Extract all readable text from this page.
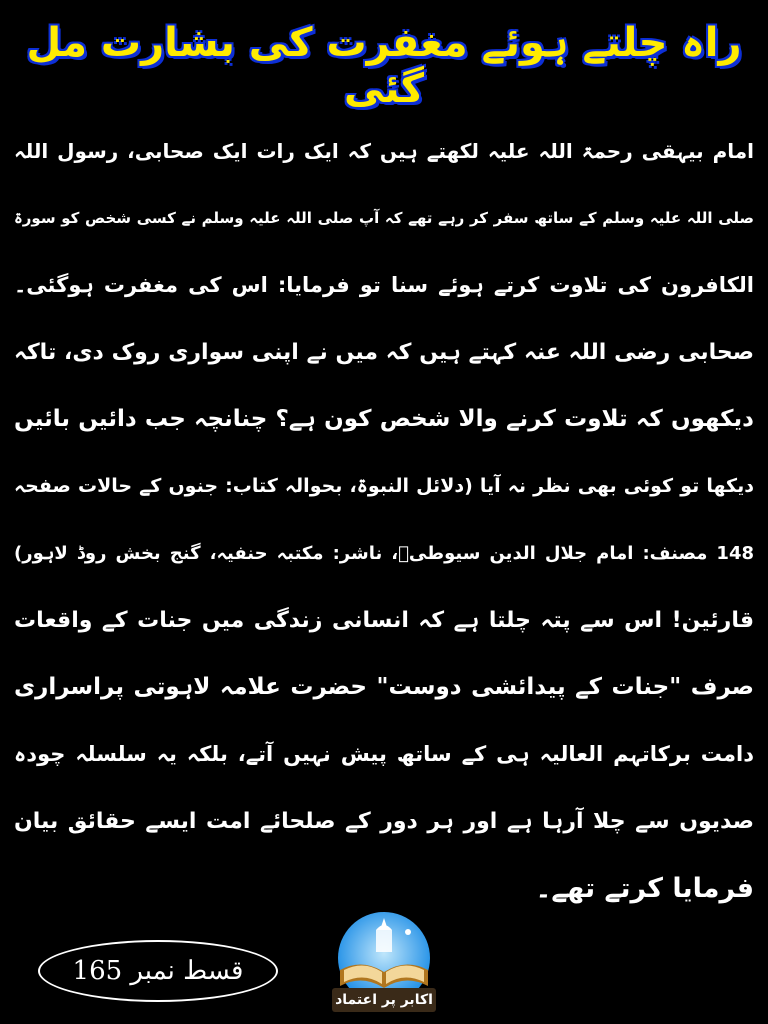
راہ چلتے ہوئے مغفرت کی بشارت مل گئی
امام بیہقی رحمۃ اللہ علیہ لکھتے ہیں کہ ایک رات ایک صحابی، رسول اللہ
صلی اللہ علیہ وسلم کے ساتھ سفر کر رہے تھے کہ آپ صلی اللہ علیہ وسلم نے کسی شخص کو سورۃ
الکافرون کی تلاوت کرتے ہوئے سنا تو فرمایا: اس کی مغفرت ہوگئی۔
صحابی رضی اللہ عنہ کہتے ہیں کہ میں نے اپنی سواری روک دی، تاکہ
دیکھوں کہ تلاوت کرنے والا شخص کون ہے؟ چنانچہ جب دائیں بائیں
دیکھا تو کوئی بھی نظر نہ آیا (دلائل النبوۃ، بحوالہ کتاب: جنوں کے حالات صفحہ
148 مصنف: امام جلال الدین سیوطیؒ، ناشر: مکتبہ حنفیہ، گنج بخش روڈ لاہور)
قارئین! اس سے پتہ چلتا ہے کہ انسانی زندگی میں جنات کے واقعات
صرف "جنات کے پیدائشی دوست" حضرت علامہ لاہوتی پراسراری
دامت برکاتہم العالیہ ہی کے ساتھ پیش نہیں آتے، بلکہ یہ سلسلہ چودہ
صدیوں سے چلا آرہا ہے اور ہر دور کے صلحائے امت ایسے حقائق بیان
فرمایا کرتے تھے۔
قسط نمبر 165
اکابر پر اعتماد
